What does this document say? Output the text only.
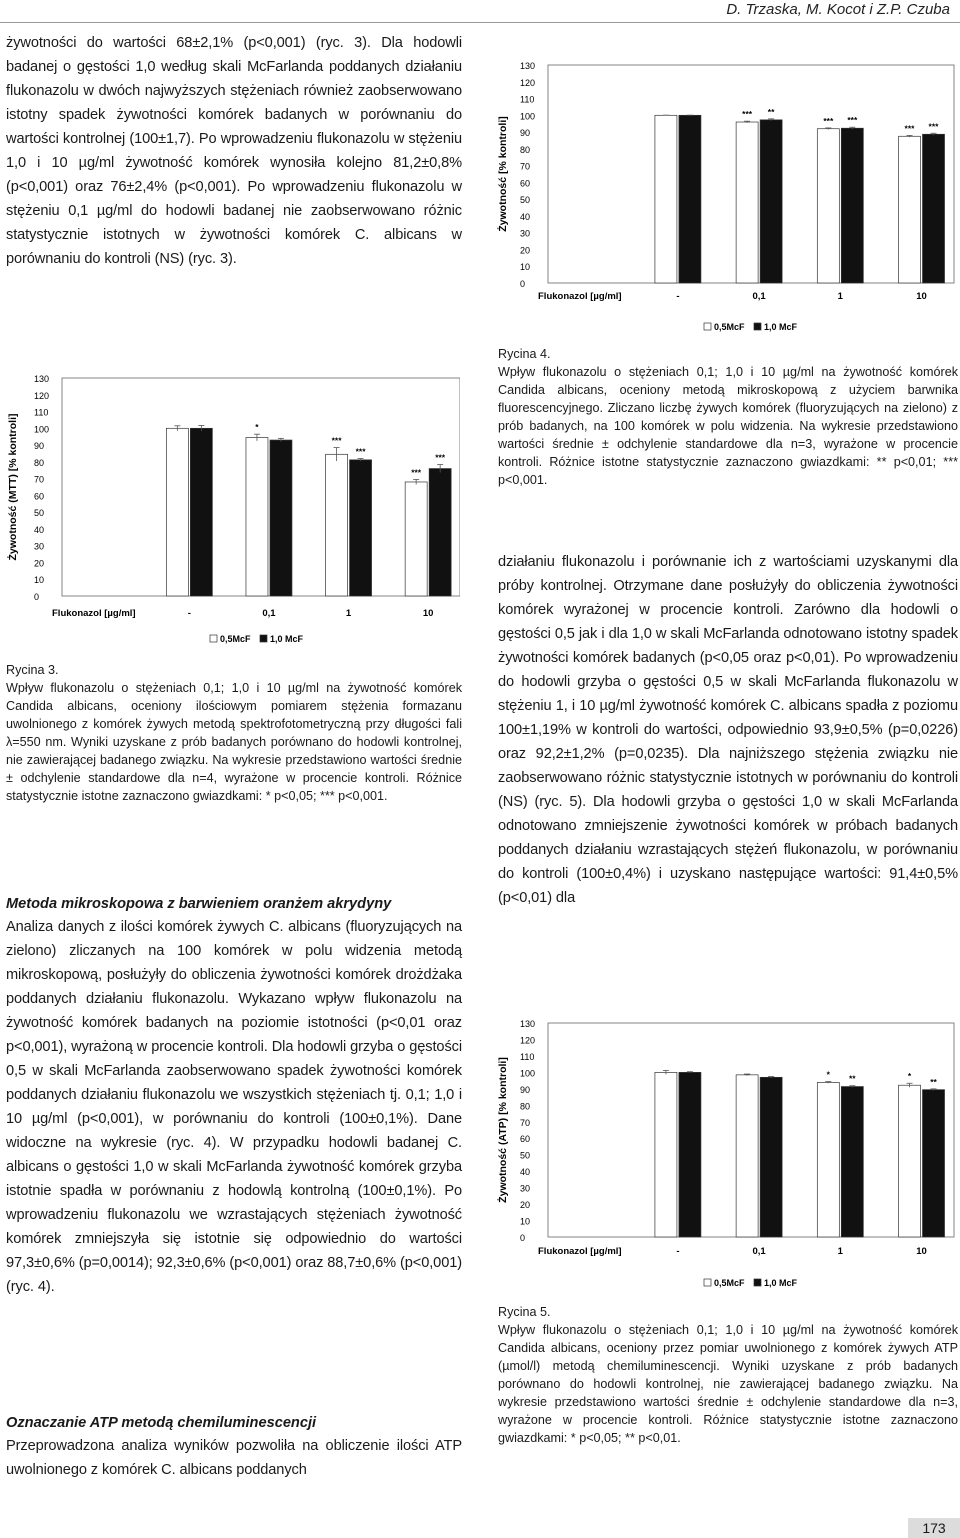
D. Trzaska, M. Kocot i Z.P. Czuba

żywotności do wartości 68±2,1% (p<0,001) (ryc. 3). Dla hodowli badanej o gęstości 1,0 według skali McFarlanda poddanych działaniu flukonazolu w dwóch najwyższych stężeniach również zaobserwowano istotny spadek żywotności komórek badanych w porównaniu do wartości kontrolnej (100±1,7). Po wprowadzeniu flukonazolu w stężeniu 1,0 i 10 µg/ml żywotność komórek wynosiła kolejno 81,2±0,8% (p<0,001) oraz 76±2,4% (p<0,001). Po wprowadzeniu flukonazolu w stężeniu 0,1 µg/ml do hodowli badanej nie zaobserwowano różnic statystycznie istotnych w żywotności komórek C. albicans w porównaniu do kontroli (NS) (ryc. 3).

0
10
20
30
40
50
60
70
80
90
100
110
120
130
Żywotność (MTT) [% kontroli]
Flukonazol [µg/ml]	-	0,1	1	10
*
***
***
***
***
0,5McF 1,0 McF

Rycina 3.
Wpływ flukonazolu o stężeniach 0,1; 1,0 i 10 µg/ml na żywotność komórek Candida albicans, oceniony ilościowym pomiarem stężenia formazanu uwolnionego z komórek żywych metodą spektrofotometryczną przy długości fali λ=550 nm. Wyniki uzyskane z prób badanych porównano do hodowli kontrolnej, nie zawierającej badanego związku. Na wykresie przedstawiono wartości średnie ± odchylenie standardowe dla n=4, wyrażone w procencie kontroli. Różnice statystycznie istotne zaznaczono gwiazdkami: * p<0,05; *** p<0,001.

Metoda mikroskopowa z barwieniem oranżem akrydyny

Analiza danych z ilości komórek żywych C. albicans (fluoryzujących na zielono) zliczanych na 100 komórek w polu widzenia metodą mikroskopową, posłużyły do obliczenia żywotności komórek drożdżaka poddanych działaniu flukonazolu. Wykazano wpływ flukonazolu na żywotność komórek badanych na poziomie istotności (p<0,01 oraz p<0,001), wyrażoną w procencie kontroli. Dla hodowli grzyba o gęstości 0,5 w skali McFarlanda zaobserwowano spadek żywotności komórek poddanych działaniu flukonazolu we wszystkich stężeniach tj. 0,1; 1,0 i 10 µg/ml (p<0,001), w porównaniu do kontroli (100±0,1%). Dane widoczne na wykresie (ryc. 4). W przypadku hodowli badanej C. albicans o gęstości 1,0 w skali McFarlanda żywotność komórek grzyba istotnie spadła w porównaniu z hodowlą kontrolną (100±0,1%). Po wprowadzeniu flukonazolu we wzrastających stężeniach żywotność komórek zmniejszyła się istotnie się odpowiednio do wartości 97,3±0,6% (p=0,0014); 92,3±0,6% (p<0,001) oraz 88,7±0,6% (p<0,001) (ryc. 4).

Oznaczanie ATP metodą chemiluminescencji

Przeprowadzona analiza wyników pozwoliła na obliczenie ilości ATP uwolnionego z komórek C. albicans poddanych

0
10
20
30
40
50
60
70
80
90
100
110
120
130
Żywotność [% kontroli]
Flukonazol [µg/ml]	-	0,1	1	10
***
***
***
**
***
***
0,5McF 1,0 McF

Rycina 4.
Wpływ flukonazolu o stężeniach 0,1; 1,0 i 10 µg/ml na żywotność komórek Candida albicans, oceniony metodą mikroskopową z użyciem barwnika fluorescencyjnego. Zliczano liczbę żywych komórek (fluoryzujących na zielono) z prób badanych, na 100 komórek w polu widzenia. Na wykresie przedstawiono wartości średnie ± odchylenie standardowe dla n=3, wyrażone w procencie kontroli. Różnice istotne statystycznie zaznaczono gwiazdkami: ** p<0,01; *** p<0,001.

działaniu flukonazolu i porównanie ich z wartościami uzyskanymi dla próby kontrolnej. Otrzymane dane posłużyły do obliczenia żywotności komórek wyrażonej w procencie kontroli. Zarówno dla hodowli o gęstości 0,5 jak i dla 1,0 w skali McFarlanda odnotowano istotny spadek żywotności komórek badanych (p<0,05 oraz p<0,01). Po wprowadzeniu do hodowli grzyba o gęstości 0,5 w skali McFarlanda flukonazolu w stężeniu 1, i 10 µg/ml żywotność komórek C. albicans spadła z poziomu 100±1,19% w kontroli do wartości, odpowiednio 93,9±0,5% (p=0,0226) oraz 92,2±1,2% (p=0,0235). Dla najniższego stężenia związku nie zaobserwowano różnic statystycznie istotnych w porównaniu do kontroli (NS) (ryc. 5). Dla hodowli grzyba o gęstości 1,0 w skali McFarlanda odnotowano zmniejszenie żywotności komórek w próbach badanych poddanych działaniu wzrastających stężeń flukonazolu, w porównaniu do kontroli (100±0,4%) i uzyskano następujące wartości: 91,4±0,5% (p<0,01) dla

0
10
20
30
40
50
60
70
80
90
100
110
120
130
Żywotność (ATP) [% kontroli]
Flukonazol [µg/ml]	-	0,1	1	10
*	*
**	**
0,5McF 1,0 McF

Rycina 5.
Wpływ flukonazolu o stężeniach 0,1; 1,0 i 10 µg/ml na żywotność komórek Candida albicans, oceniony przez pomiar uwolnionego z komórek żywych ATP (µmol/l) metodą chemiluminescencji. Wyniki uzyskane z prób badanych porównano do hodowli kontrolnej, nie zawierającej badanego związku. Na wykresie przedstawiono wartości średnie ± odchylenie standardowe dla n=3, wyrażone w procencie kontroli. Różnice statystycznie istotne zaznaczono gwiazdkami: * p<0,05; ** p<0,01.

173
